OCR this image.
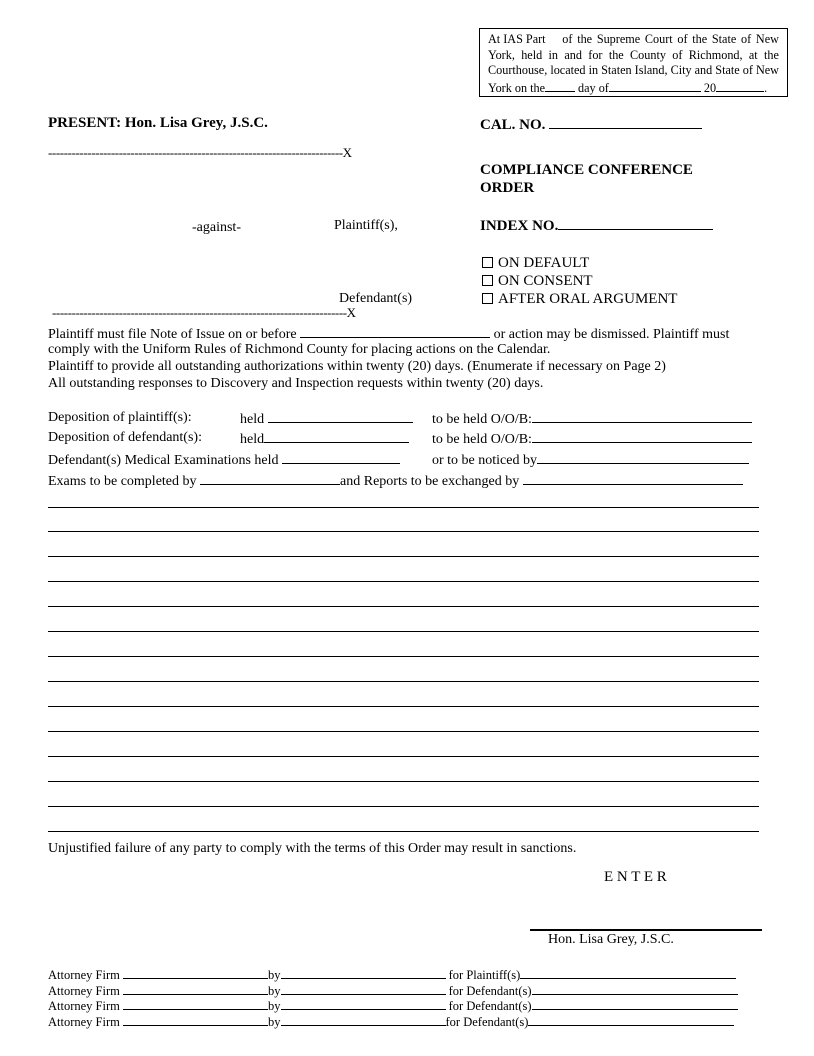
At IAS Part	of the Supreme Court of the State of New
York, held in and for the County of Richmond, at the
Courthouse, located in Staten Island, City and State of New
York on the	day of	20	.
PRESENT: Hon. Lisa Grey, J.S.C.	CAL. NO.
---------------------------------------------------------------------------X
---------------------------------------------------------------------------X
COMPLIANCE CONFERENCE ORDER
-against-	Plaintiff(s),	INDEX NO.
Defendant(s)
ON DEFAULT
ON CONSENT
AFTER ORAL ARGUMENT
Plaintiff must file Note of Issue on or before	or action may be dismissed. Plaintiff must
comply with the Uniform Rules of Richmond County for placing actions on the Calendar.
Plaintiff to provide all outstanding authorizations within twenty (20) days. (Enumerate if necessary on Page 2)
All outstanding responses to Discovery and Inspection requests within twenty (20) days.
Deposition of plaintiff(s):	held	to be held O/O/B:
Deposition of defendant(s):	held	to be held O/O/B:
Defendant(s) Medical Examinations held	or to be noticed by
Exams to be completed by	and Reports to be exchanged by
Unjustified failure of any party to comply with the terms of this Order may result in sanctions.
E N T E R
Hon. Lisa Grey, J.S.C.
Attorney Firm	by	for Plaintiff(s)
Attorney Firm	by	for Defendant(s)
Attorney Firm	by	for Defendant(s)
Attorney Firm	by	for Defendant(s)
